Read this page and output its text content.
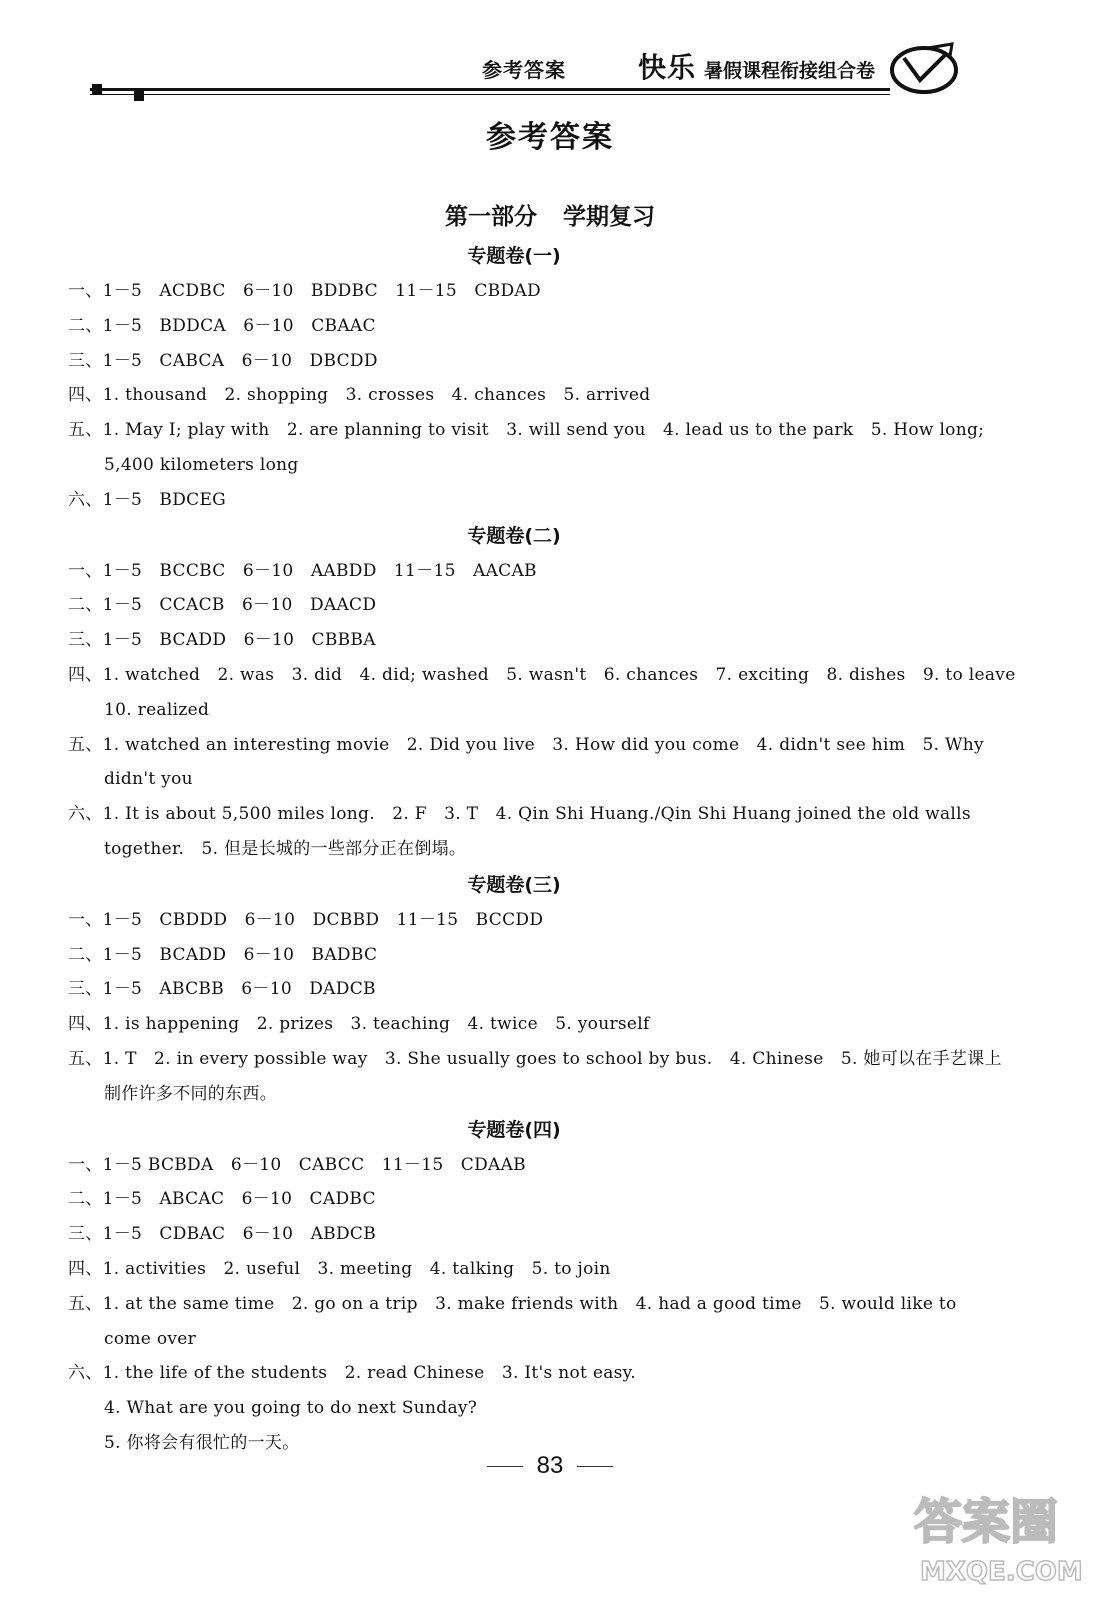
参考答案	快乐 暑假课程衔接组合卷
参考答案
第一部分 学期复习
专题卷(一)
一、1－5　ACDBC　6－10　BDDBC　11－15　CBDAD
二、1－5　BDDCA　6－10　CBAAC
三、1－5　CABCA　6－10　DBCDD
四、1. thousand　2. shopping　3. crosses　4. chances　5. arrived
五、1. May I; play with　2. are planning to visit　3. will send you　4. lead us to the park　5. How long;
5,400 kilometers long
六、1－5　BDCEG
专题卷(二)
一、1－5　BCCBC　6－10　AABDD　11－15　AACAB
二、1－5　CCACB　6－10　DAACD
三、1－5　BCADD　6－10　CBBBA
四、1. watched　2. was　3. did　4. did; washed　5. wasn't　6. chances　7. exciting　8. dishes　9. to leave
10. realized
五、1. watched an interesting movie　2. Did you live　3. How did you come　4. didn't see him　5. Why
didn't you
六、1. It is about 5,500 miles long.　2. F　3. T　4. Qin Shi Huang./Qin Shi Huang joined the old walls
together.　5. 但是长城的一些部分正在倒塌。
专题卷(三)
一、1－5　CBDDD　6－10　DCBBD　11－15　BCCDD
二、1－5　BCADD　6－10　BADBC
三、1－5　ABCBB　6－10　DADCB
四、1. is happening　2. prizes　3. teaching　4. twice　5. yourself
五、1. T　2. in every possible way　3. She usually goes to school by bus.　4. Chinese　5. 她可以在手艺课上
制作许多不同的东西。
专题卷(四)
一、1－5 BCBDA　6－10　CABCC　11－15　CDAAB
二、1－5　ABCAC　6－10　CADBC
三、1－5　CDBAC　6－10　ABDCB
四、1. activities　2. useful　3. meeting　4. talking　5. to join
五、1. at the same time　2. go on a trip　3. make friends with　4. had a good time　5. would like to
come over
六、1. the life of the students　2. read Chinese　3. It's not easy.
4. What are you going to do next Sunday?
5. 你将会有很忙的一天。
83
答案圈
MXQE.COM
